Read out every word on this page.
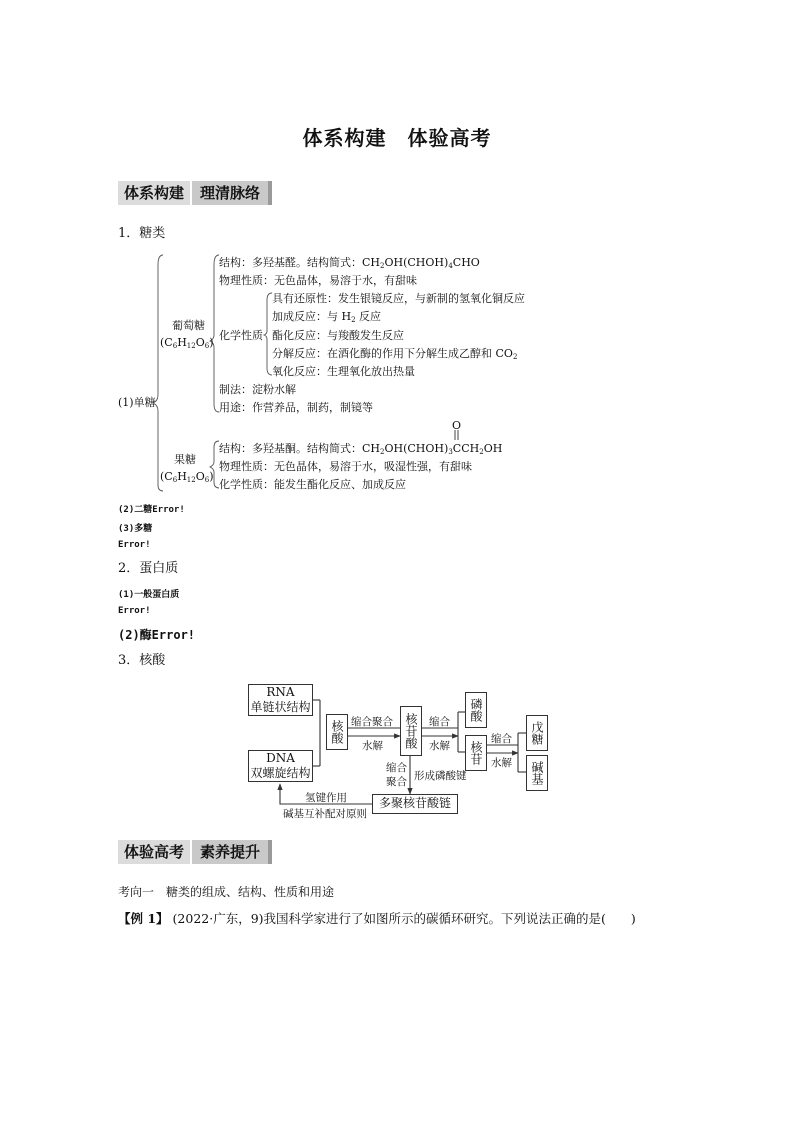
体系构建　体验高考
体系构建	理清脉络
1．糖类
(1)单糖
葡萄糖
$(C_6H_{12}O_6)$
结构：多羟基醛。结构简式：$CH_2OH(CHOH)_4CHO$
物理性质：无色晶体，易溶于水，有甜味
化学性质
具有还原性：发生银镜反应，与新制的氢氧化铜反应
加成反应：与 $H_2$ 反应
酯化反应：与羧酸发生反应
分解反应：在酒化酶的作用下分解生成乙醇和 $CO_2$
氧化反应：生理氧化放出热量
制法：淀粉水解
用途：作营养品，制药，制镜等
果糖
$(C_6H_{12}O_6)$
O
结构：多羟基酮。结构简式：$CH_2OH(CHOH)_3CCH_2OH$
物理性质：无色晶体，易溶于水，吸湿性强，有甜味
化学性质：能发生酯化反应、加成反应
(2)二糖Error!
(3)多糖
Error!
2．蛋白质
(1)一般蛋白质
Error!
(2)酶Error!
3．核酸
RNA
单链状结构
DNA
双螺旋结构
核酸	核苷酸
磷酸
核苷
戊糖
碱基
多聚核苷酸链
缩合聚合
水解
缩合
水解
缩合
水解
缩合
聚合 形成磷酸键
氢键作用
碱基互补配对原则
体验高考	素养提升
考向一　糖类的组成、结构、性质和用途
【例 1】 (2022·广东，9)我国科学家进行了如图所示的碳循环研究。下列说法正确的是(　　)
